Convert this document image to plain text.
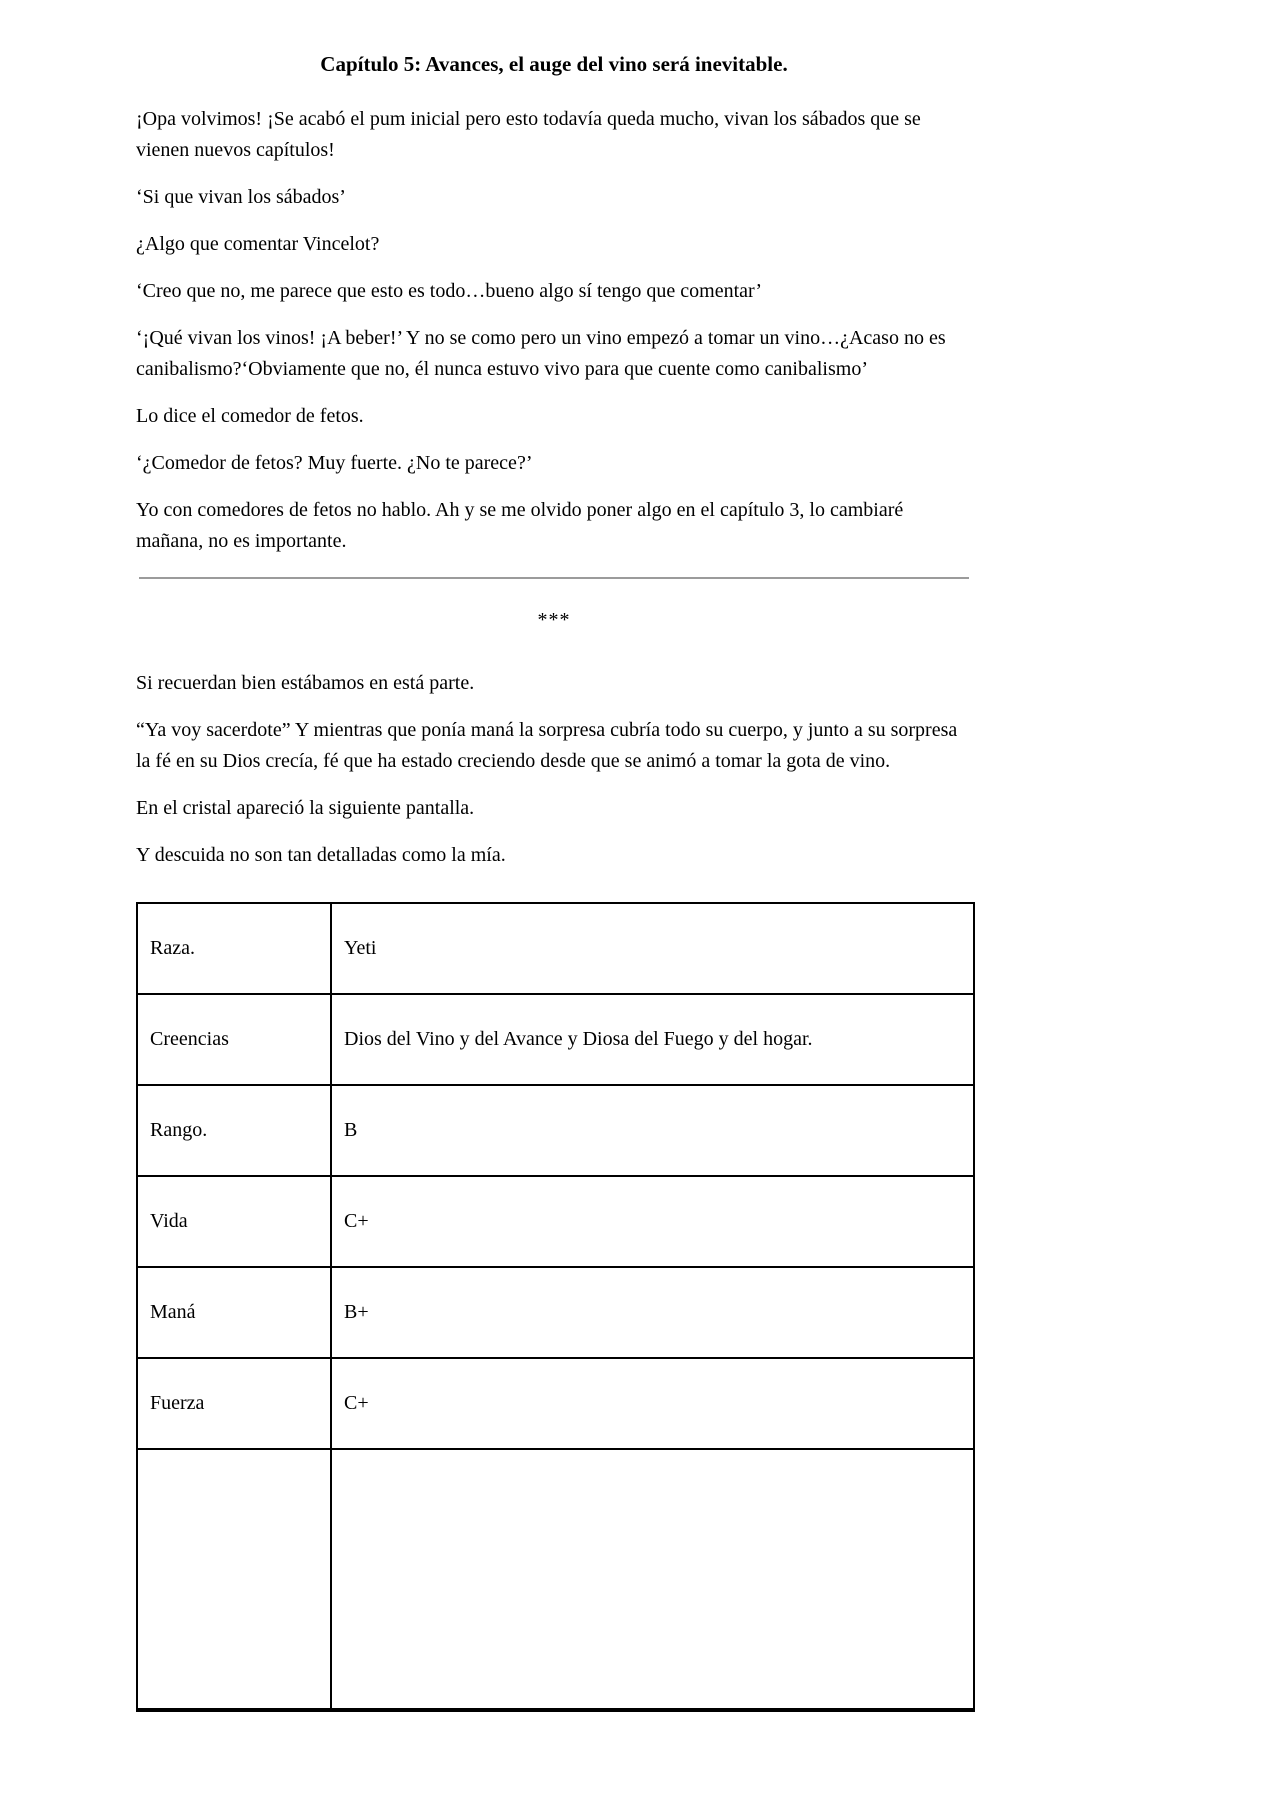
Capítulo 5: Avances, el auge del vino será inevitable.

¡Opa volvimos! ¡Se acabó el pum inicial pero esto todavía queda mucho, vivan los sábados que se vienen nuevos capítulos!

‘Si que vivan los sábados’

¿Algo que comentar Vincelot?

‘Creo que no, me parece que esto es todo…bueno algo sí tengo que comentar’

‘¡Qué vivan los vinos! ¡A beber!’ Y no se como pero un vino empezó a tomar un vino…¿Acaso no es canibalismo?‘Obviamente que no, él nunca estuvo vivo para que cuente como canibalismo’

Lo dice el comedor de fetos.

‘¿Comedor de fetos? Muy fuerte. ¿No te parece?’

Yo con comedores de fetos no hablo. Ah y se me olvido poner algo en el capítulo 3, lo cambiaré mañana, no es importante.

***

Si recuerdan bien estábamos en está parte.

“Ya voy sacerdote” Y mientras que ponía maná la sorpresa cubría todo su cuerpo, y junto a su sorpresa la fé en su Dios crecía, fé que ha estado creciendo desde que se animó a tomar la gota de vino.

En el cristal apareció la siguiente pantalla.

Y descuida no son tan detalladas como la mía.

Raza.	Yeti
Creencias	Dios del Vino y del Avance y Diosa del Fuego y del hogar.
Rango.	B
Vida	C+
Maná	B+
Fuerza	C+
